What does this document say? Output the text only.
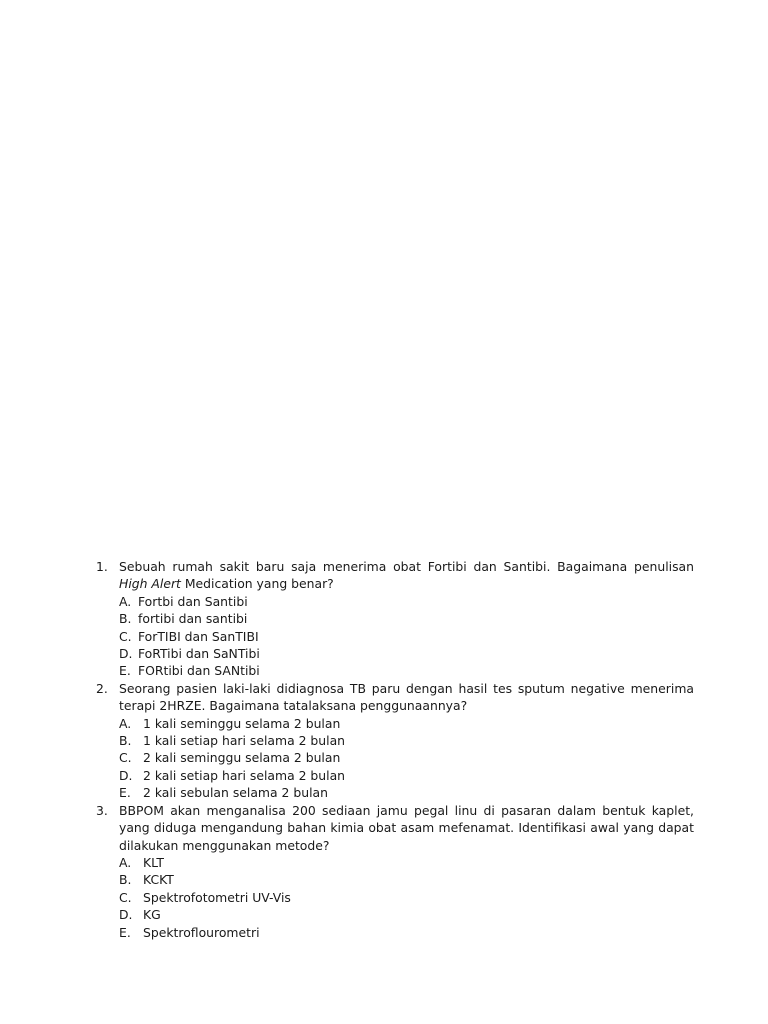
1. Sebuah rumah sakit baru saja menerima obat Fortibi dan Santibi. Bagaimana penulisan High Alert Medication yang benar?

A. Fortbi dan Santibi
B. fortibi dan santibi
C. ForTIBI dan SanTIBI
D. FoRTibi dan SaNTibi
E. FORtibi dan SANtibi
2. Seorang pasien laki-laki didiagnosa TB paru dengan hasil tes sputum negative menerima terapi 2HRZE. Bagaimana tatalaksana penggunaannya?

A. 1 kali seminggu selama 2 bulan
B. 1 kali setiap hari selama 2 bulan
C. 2 kali seminggu selama 2 bulan
D. 2 kali setiap hari selama 2 bulan
E. 2 kali sebulan selama 2 bulan
3. BBPOM akan menganalisa 200 sediaan jamu pegal linu di pasaran dalam bentuk kaplet, yang diduga mengandung bahan kimia obat asam mefenamat. Identifikasi awal yang dapat dilakukan menggunakan metode?

A. KLT
B. KCKT
C. Spektrofotometri UV-Vis
D. KG
E. Spektroflourometri
